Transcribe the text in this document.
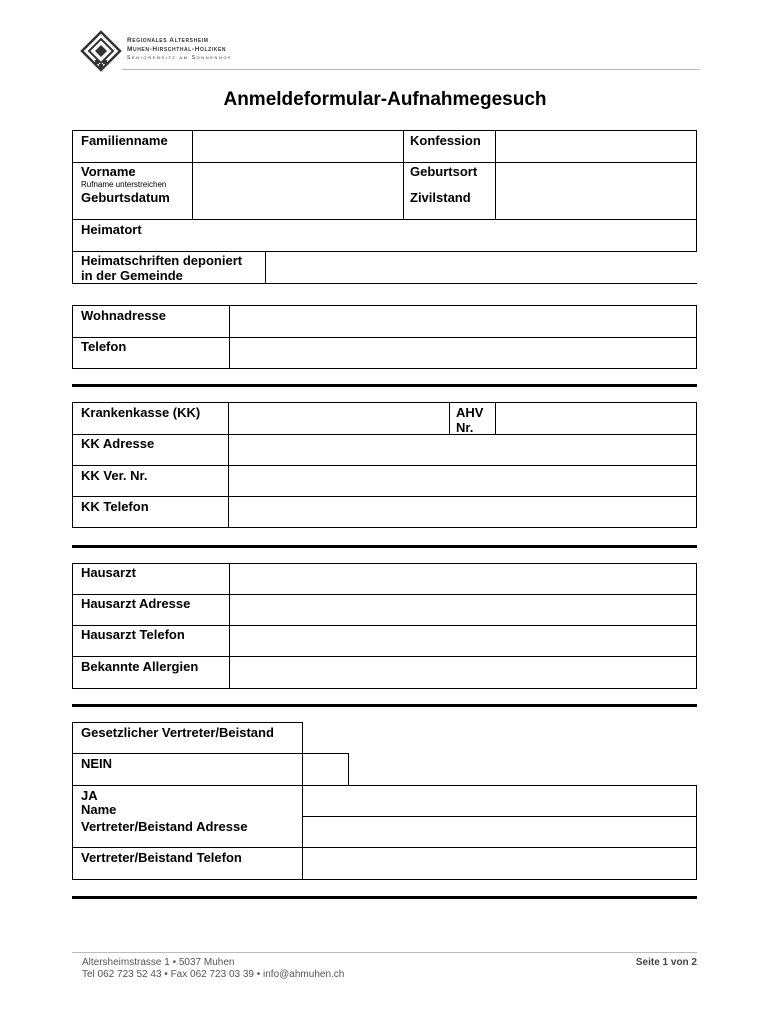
Regionales Altersheim
Muhen-Hirschthal-Holziken
Seniorensitz am Sonnenhof
Anmeldeformular-Aufnahmegesuch
Familienname	Konfession
Vorname
Rufname unterstreichen
Geburtsdatum
Geburtsort
Zivilstand
Heimatort
Heimatschriften deponiert
in der Gemeinde
Wohnadresse
Telefon
Krankenkasse (KK)	AHV
Nr.
KK Adresse
KK Ver. Nr.
KK Telefon
Hausarzt
Hausarzt Adresse
Hausarzt Telefon
Bekannte Allergien
Gesetzlicher Vertreter/Beistand
NEIN
JA
Name
Vertreter/Beistand Adresse
Vertreter/Beistand Telefon
Altersheimstrasse 1 • 5037 Muhen
Tel 062 723 52 43 • Fax 062 723 03 39 • info@ahmuhen.ch
Seite 1 von 2
